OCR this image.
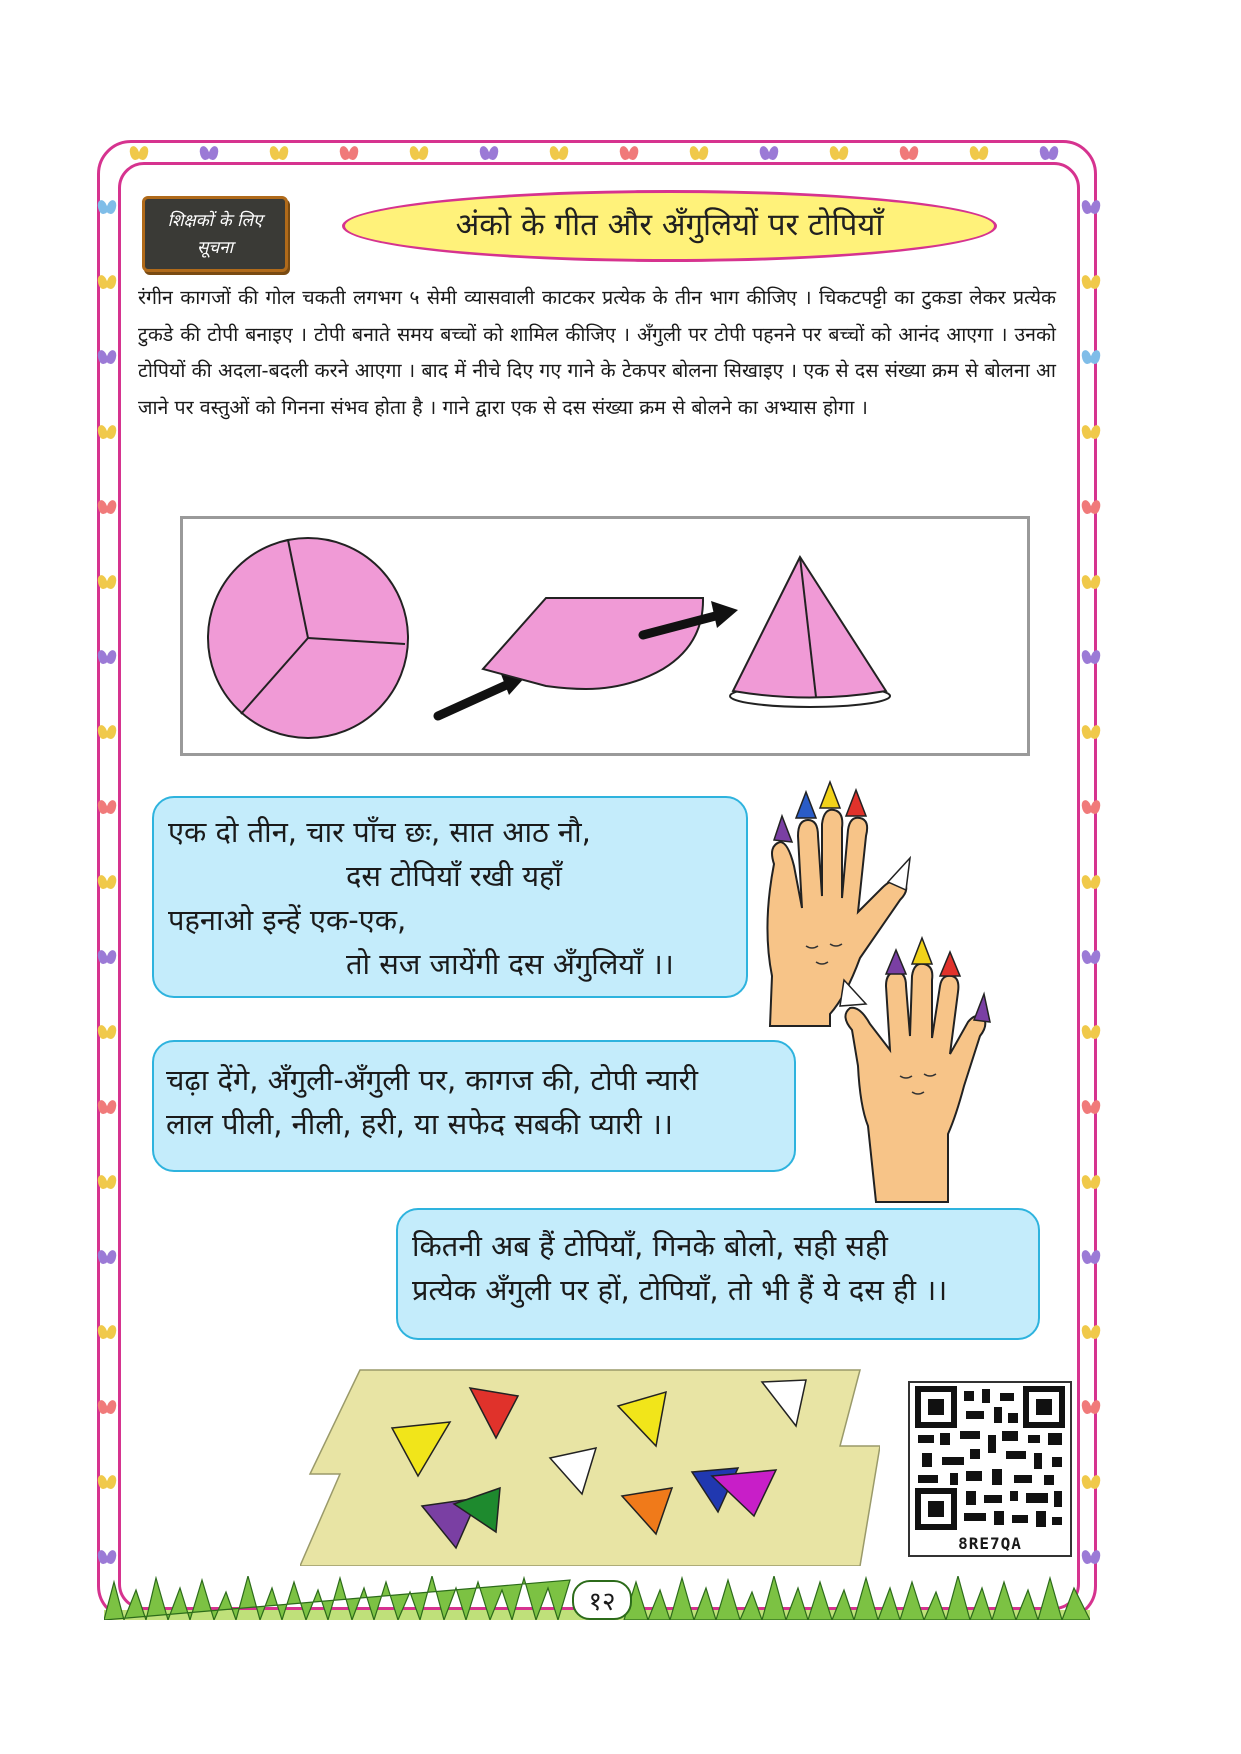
शिक्षकों के लिए
सूचना
अंको के गीत और अँगुलियों पर टोपियाँ
रंगीन कागजों की गोल चकती लगभग ५ सेमी व्यासवाली काटकर प्रत्येक के तीन भाग कीजिए । चिकटपट्टी का टुकडा लेकर प्रत्येक टुकडे की टोपी बनाइए । टोपी बनाते समय बच्चों को शामिल कीजिए । अँगुली पर टोपी पहनने पर बच्चों को आनंद आएगा । उनको टोपियों की अदला-बदली करने आएगा । बाद में नीचे दिए गए गाने के टेकपर बोलना सिखाइए । एक से दस संख्या क्रम से बोलना आ जाने पर वस्तुओं को गिनना संभव होता है । गाने द्वारा एक से दस संख्या क्रम से बोलने का अभ्यास होगा ।
एक दो तीन, चार पाँच छः, सात आठ नौ,
दस टोपियाँ रखी यहाँ
पहनाओ इन्हें एक-एक,
तो सज जायेंगी दस अँगुलियाँ ।।
चढ़ा देंगे, अँगुली-अँगुली पर, कागज की, टोपी न्यारी
लाल पीली, नीली, हरी, या सफेद सबकी प्यारी ।।
कितनी अब हैं टोपियाँ, गिनके बोलो, सही सही
प्रत्येक अँगुली पर हों, टोपियाँ, तो भी हैं ये दस ही ।।
8RE7QA
१२
